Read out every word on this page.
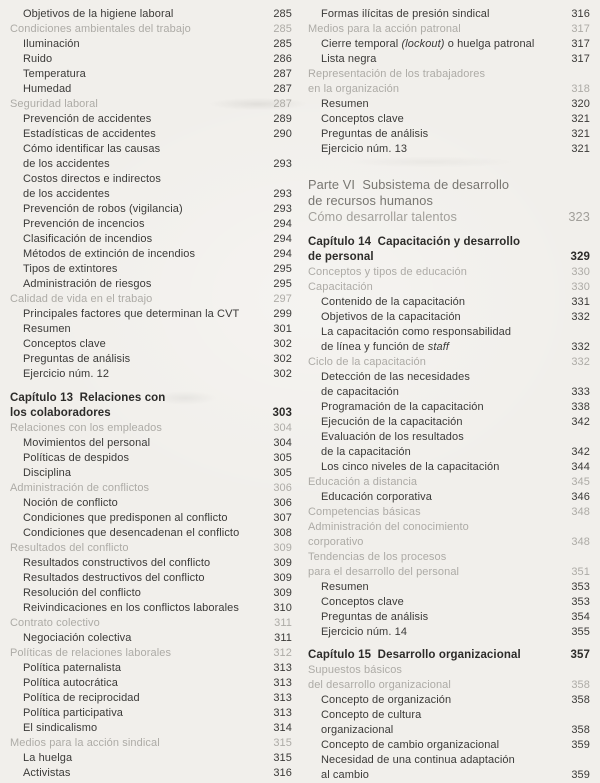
Objetivos de la higiene laboral	285
Condiciones ambientales del trabajo	285
Iluminación	285
Ruido	286
Temperatura	287
Humedad	287
Seguridad laboral	287
Prevención de accidentes	289
Estadísticas de accidentes	290
Cómo identificar las causas
de los accidentes	293
Costos directos e indirectos
de los accidentes	293
Prevención de robos (vigilancia)	293
Prevención de incencios	294
Clasificación de incendios	294
Métodos de extinción de incendios	294
Tipos de extintores	295
Administración de riesgos	295
Calidad de vida en el trabajo	297
Principales factores que determinan la CVT	299
Resumen	301
Conceptos clave	302
Preguntas de análisis	302
Ejercicio núm. 12	302
Capítulo 13  Relaciones con
los colaboradores	303
Relaciones con los empleados	304
Movimientos del personal	304
Políticas de despidos	305
Disciplina	305
Administración de conflictos	306
Noción de conflicto	306
Condiciones que predisponen al conflicto	307
Condiciones que desencadenan el conflicto	308
Resultados del conflicto	309
Resultados constructivos del conflicto	309
Resultados destructivos del conflicto	309
Resolución del conflicto	309
Reivindicaciones en los conflictos laborales	310
Contrato colectivo	311
Negociación colectiva	311
Políticas de relaciones laborales	312
Política paternalista	313
Política autocrática	313
Política de reciprocidad	313
Política participativa	313
El sindicalismo	314
Medios para la acción sindical	315
La huelga	315
Activistas	316
Formas ilícitas de presión sindical	316
Medios para la acción patronal	317
Cierre temporal (lockout) o huelga patronal	317
Lista negra	317
Representación de los trabajadores
en la organización	318
Resumen	320
Conceptos clave	321
Preguntas de análisis	321
Ejercicio núm. 13	321
Parte VI  Subsistema de desarrollo
de recursos humanos
Cómo desarrollar talentos	323
Capítulo 14  Capacitación y desarrollo
de personal	329
Conceptos y tipos de educación	330
Capacitación	330
Contenido de la capacitación	331
Objetivos de la capacitación	332
La capacitación como responsabilidad
de línea y función de staff	332
Ciclo de la capacitación	332
Detección de las necesidades
de capacitación	333
Programación de la capacitación	338
Ejecución de la capacitación	342
Evaluación de los resultados
de la capacitación	342
Los cinco niveles de la capacitación	344
Educación a distancia	345
Educación corporativa	346
Competencias básicas	348
Administración del conocimiento
corporativo	348
Tendencias de los procesos
para el desarrollo del personal	351
Resumen	353
Conceptos clave	353
Preguntas de análisis	354
Ejercicio núm. 14	355
Capítulo 15  Desarrollo organizacional	357
Supuestos básicos
del desarrollo organizacional	358
Concepto de organización	358
Concepto de cultura
organizacional	358
Concepto de cambio organizacional	359
Necesidad de una continua adaptación
al cambio	359
